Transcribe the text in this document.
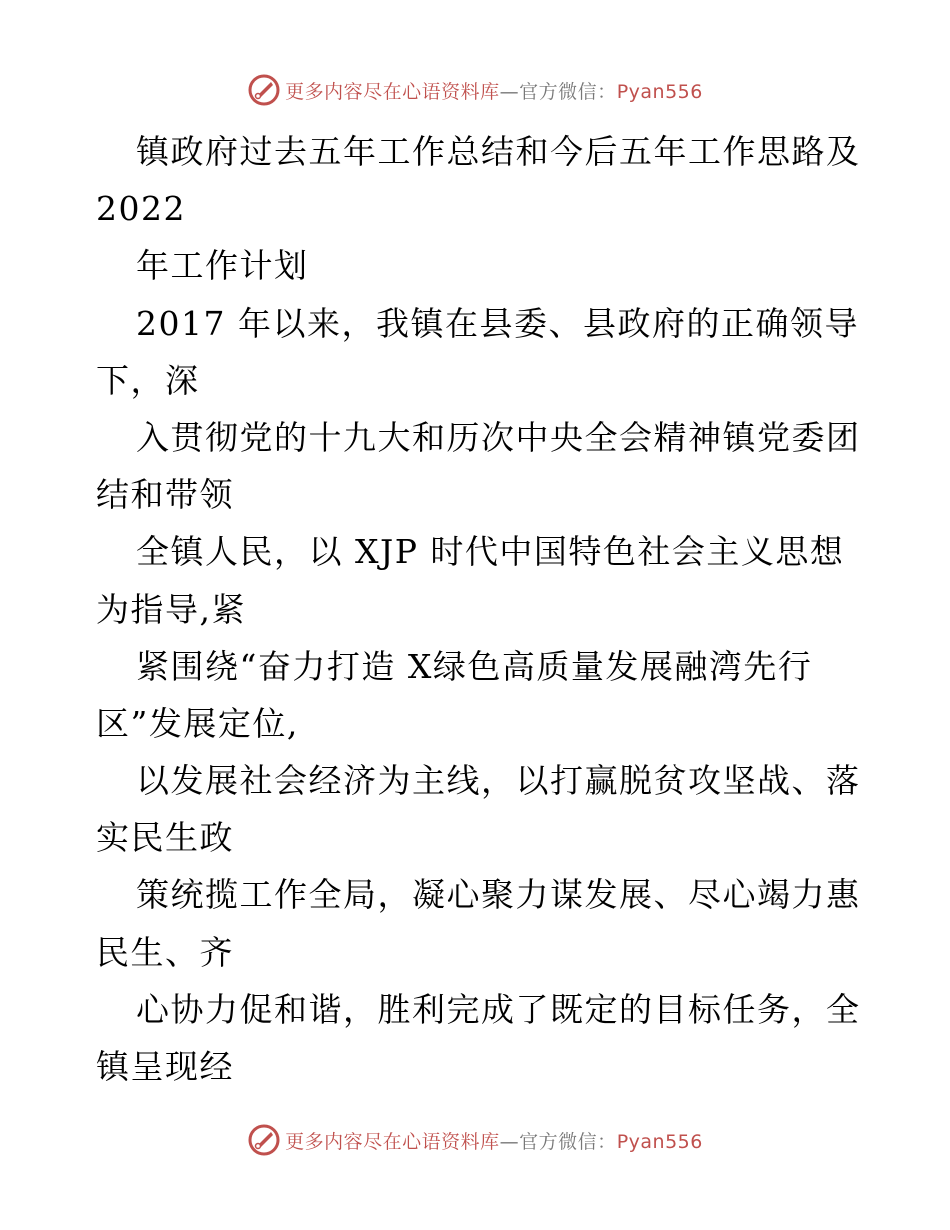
更多内容尽在心语资料库—官方微信：Pyan556
镇政府过去五年工作总结和今后五年工作思路及
2022
年工作计划
2017 年以来，我镇在县委、县政府的正确领导
下，深
入贯彻党的十九大和历次中央全会精神镇党委团
结和带领
全镇人民，以 XJP 时代中国特色社会主义思想
为指导,紧
紧围绕“奋力打造 X绿色高质量发展融湾先行
区”发展定位,
以发展社会经济为主线，以打赢脱贫攻坚战、落
实民生政
策统揽工作全局，凝心聚力谋发展、尽心竭力惠
民生、齐
心协力促和谐，胜利完成了既定的目标任务，全
镇呈现经
更多内容尽在心语资料库—官方微信：Pyan556
